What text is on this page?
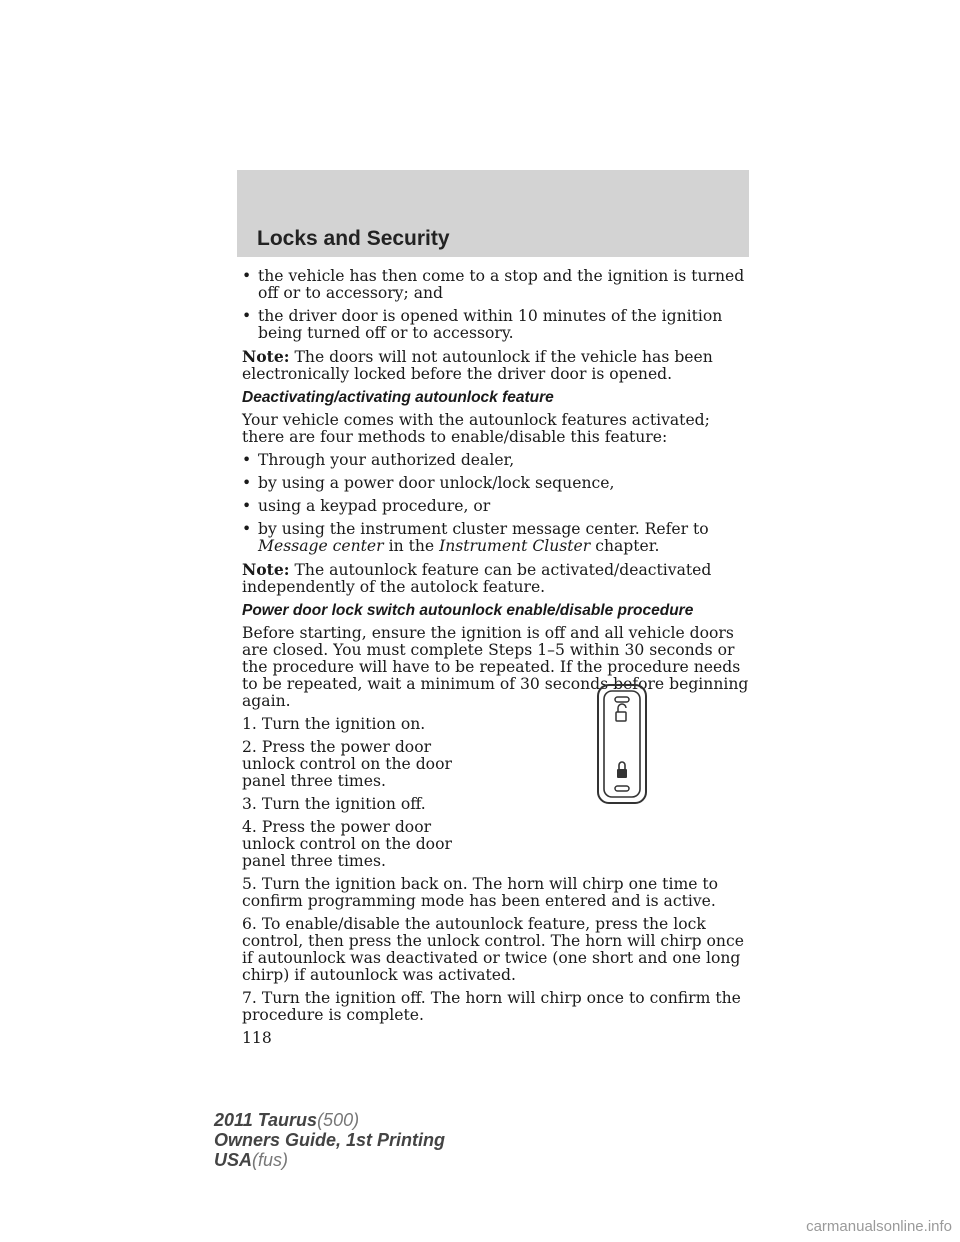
Locks and Security
• the vehicle has then come to a stop and the ignition is turned off or to accessory; and
• the driver door is opened within 10 minutes of the ignition being turned off or to accessory.

Note: The doors will not autounlock if the vehicle has been electronically locked before the driver door is opened.

Deactivating/activating autounlock feature

Your vehicle comes with the autounlock features activated; there are four methods to enable/disable this feature:

• Through your authorized dealer,
• by using a power door unlock/lock sequence,
• using a keypad procedure, or
• by using the instrument cluster message center. Refer to Message center in the Instrument Cluster chapter.

Note: The autounlock feature can be activated/deactivated independently of the autolock feature.

Power door lock switch autounlock enable/disable procedure

Before starting, ensure the ignition is off and all vehicle doors are closed. You must complete Steps 1–5 within 30 seconds or the procedure will have to be repeated. If the procedure needs to be repeated, wait a minimum of 30 seconds before beginning again.

1. Turn the ignition on.

2. Press the power door unlock control on the door panel three times.

3. Turn the ignition off.

4. Press the power door unlock control on the door panel three times.

5. Turn the ignition back on. The horn will chirp one time to confirm programming mode has been entered and is active.

6. To enable/disable the autounlock feature, press the lock control, then press the unlock control. The horn will chirp once if autounlock was deactivated or twice (one short and one long chirp) if autounlock was activated.

7. Turn the ignition off. The horn will chirp once to confirm the procedure is complete.

118
2011 Taurus(500)
Owners Guide, 1st Printing
USA(fus)
carmanualsonline.info
